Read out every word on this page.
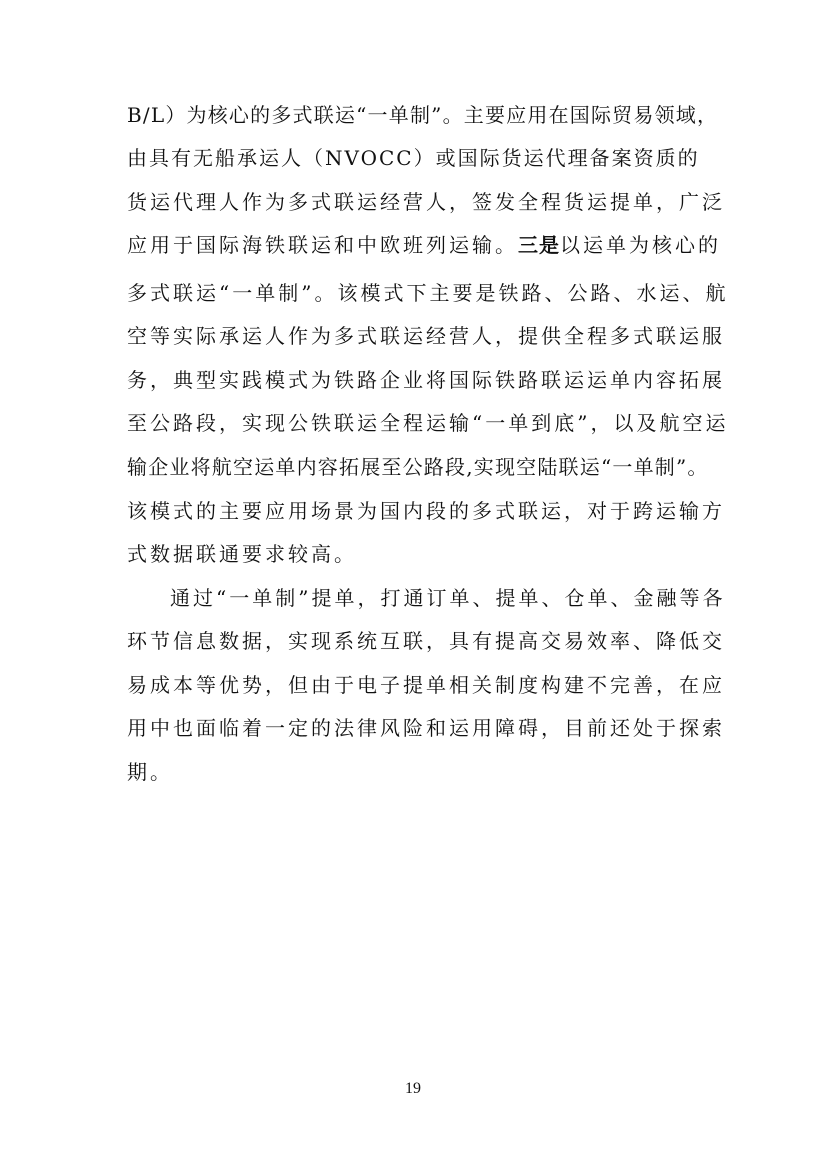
B/L）为核心的多式联运“一单制”。主要应用在国际贸易领域，
由具有无船承运人（NVOCC）或国际货运代理备案资质的
货运代理人作为多式联运经营人，签发全程货运提单，广泛
应用于国际海铁联运和中欧班列运输。三是以运单为核心的
多式联运“一单制”。该模式下主要是铁路、公路、水运、航
空等实际承运人作为多式联运经营人，提供全程多式联运服
务，典型实践模式为铁路企业将国际铁路联运运单内容拓展
至公路段，实现公铁联运全程运输“一单到底”，以及航空运
输企业将航空运单内容拓展至公路段,实现空陆联运“一单制”。
该模式的主要应用场景为国内段的多式联运，对于跨运输方
式数据联通要求较高。
通过“一单制”提单，打通订单、提单、仓单、金融等各
环节信息数据，实现系统互联，具有提高交易效率、降低交
易成本等优势，但由于电子提单相关制度构建不完善，在应
用中也面临着一定的法律风险和运用障碍，目前还处于探索
期。
19
